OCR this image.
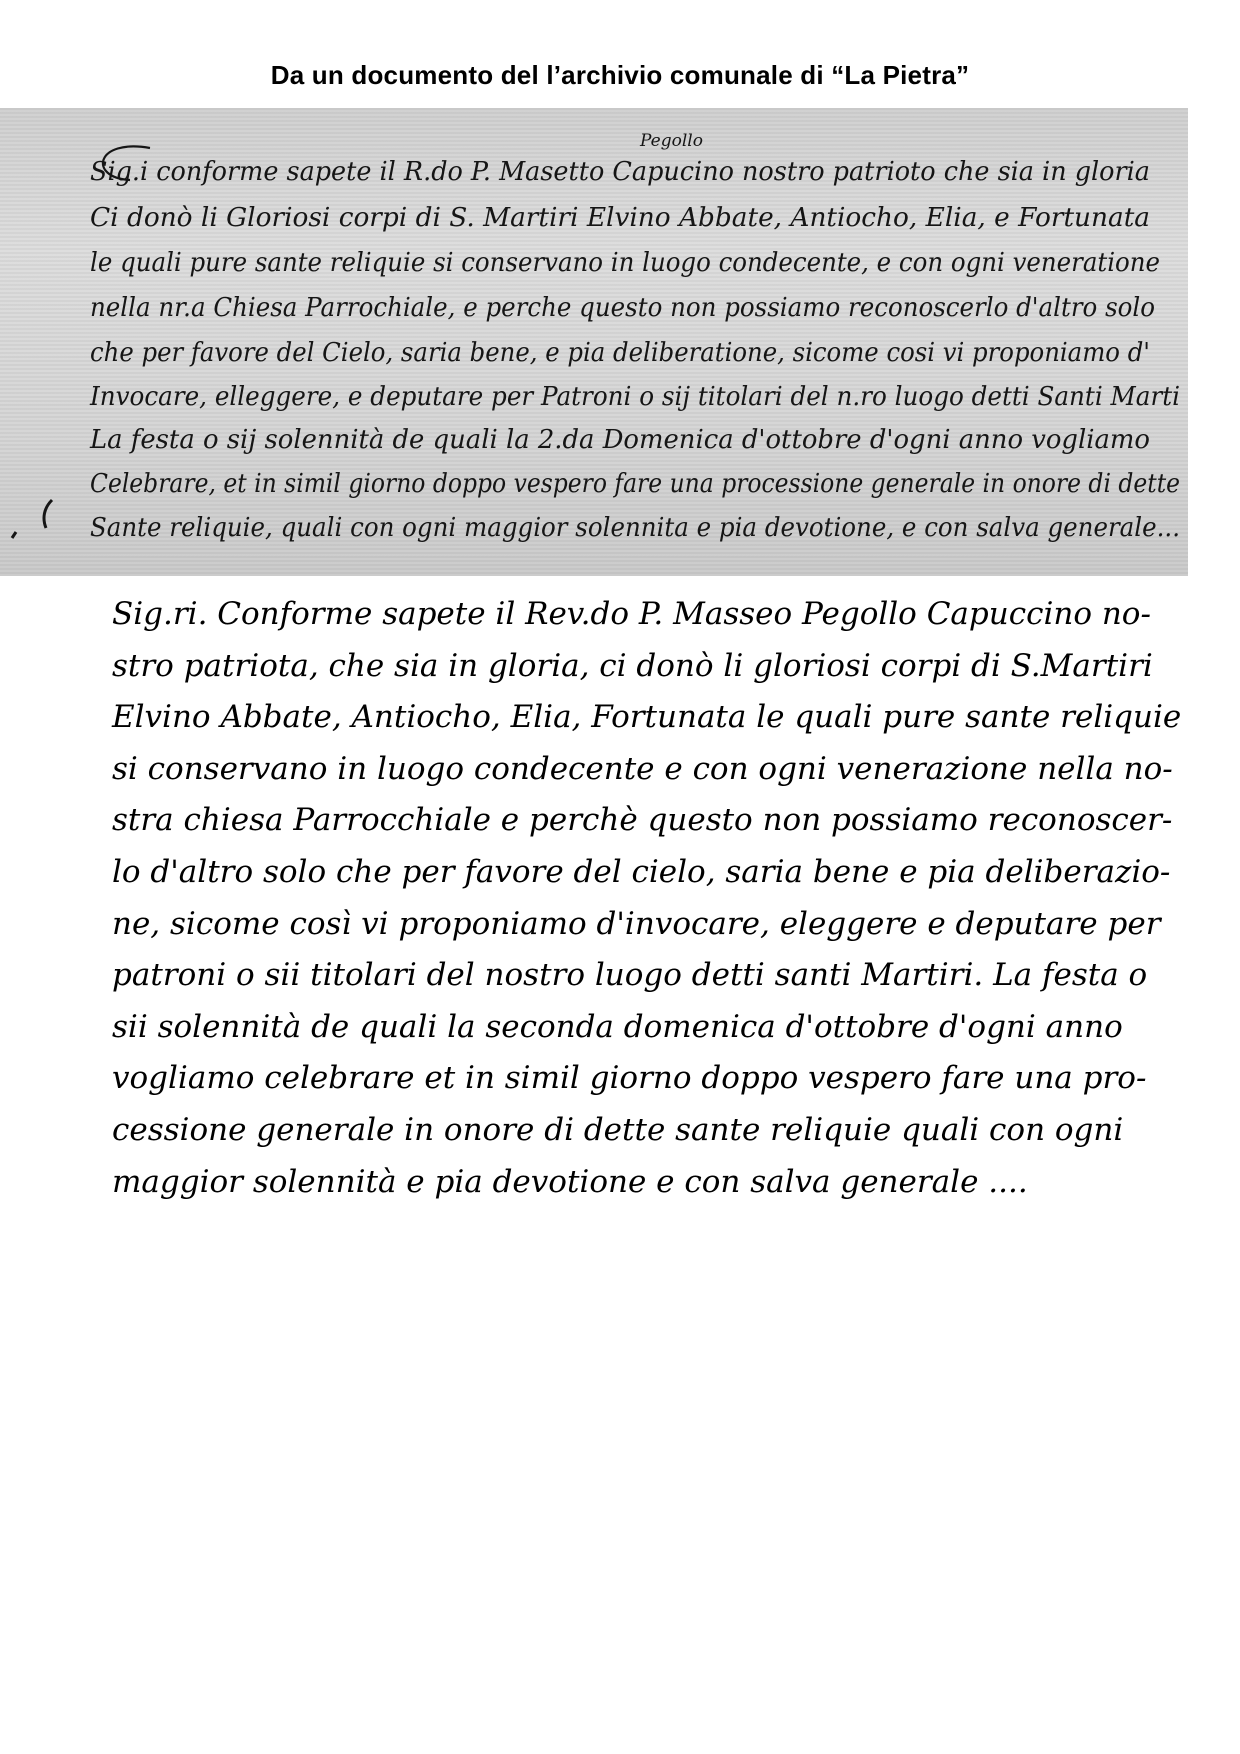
Da un documento del l’archivio comunale di “La Pietra”
Pegollo
Sig.i conforme sapete il R.do P. Masetto Capucino nostro patrioto che sia in gloria
Ci donò li Gloriosi corpi di S. Martiri Elvino Abbate, Antiocho, Elia, e Fortunata
le quali pure sante reliquie si conservano in luogo condecente, e con ogni veneratione
nella nr.a Chiesa Parrochiale, e perche questo non possiamo reconoscerlo d'altro solo
che per favore del Cielo, saria bene, e pia deliberatione, sicome cosi vi proponiamo d'
Invocare, elleggere, e deputare per Patroni o sij titolari del n.ro luogo detti Santi Marti
La festa o sij solennità de quali la 2.da Domenica d'ottobre d'ogni anno vogliamo
Celebrare, et in simil giorno doppo vespero fare una processione generale in onore di dette
Sante reliquie, quali con ogni maggior solennita e pia devotione, e con salva generale...
Sig.ri. Conforme sapete il Rev.do P. Masseo Pegollo Capuccino no-
stro patriota, che sia in gloria, ci donò li gloriosi corpi di S.Martiri
Elvino Abbate, Antiocho, Elia, Fortunata le quali pure sante reliquie
si conservano in luogo condecente e con ogni venerazione nella no-
stra chiesa Parrocchiale e perchè questo non possiamo reconoscer-
lo d'altro solo che per favore del cielo, saria bene e pia deliberazio-
ne, sicome così vi proponiamo d'invocare, eleggere e deputare per
patroni o sii titolari del nostro luogo detti santi Martiri. La festa o
sii solennità de quali la seconda domenica d'ottobre d'ogni anno
vogliamo celebrare et in simil giorno doppo vespero fare una pro-
cessione generale in onore di dette sante reliquie quali con ogni
maggior solennità e pia devotione e con salva generale ....
